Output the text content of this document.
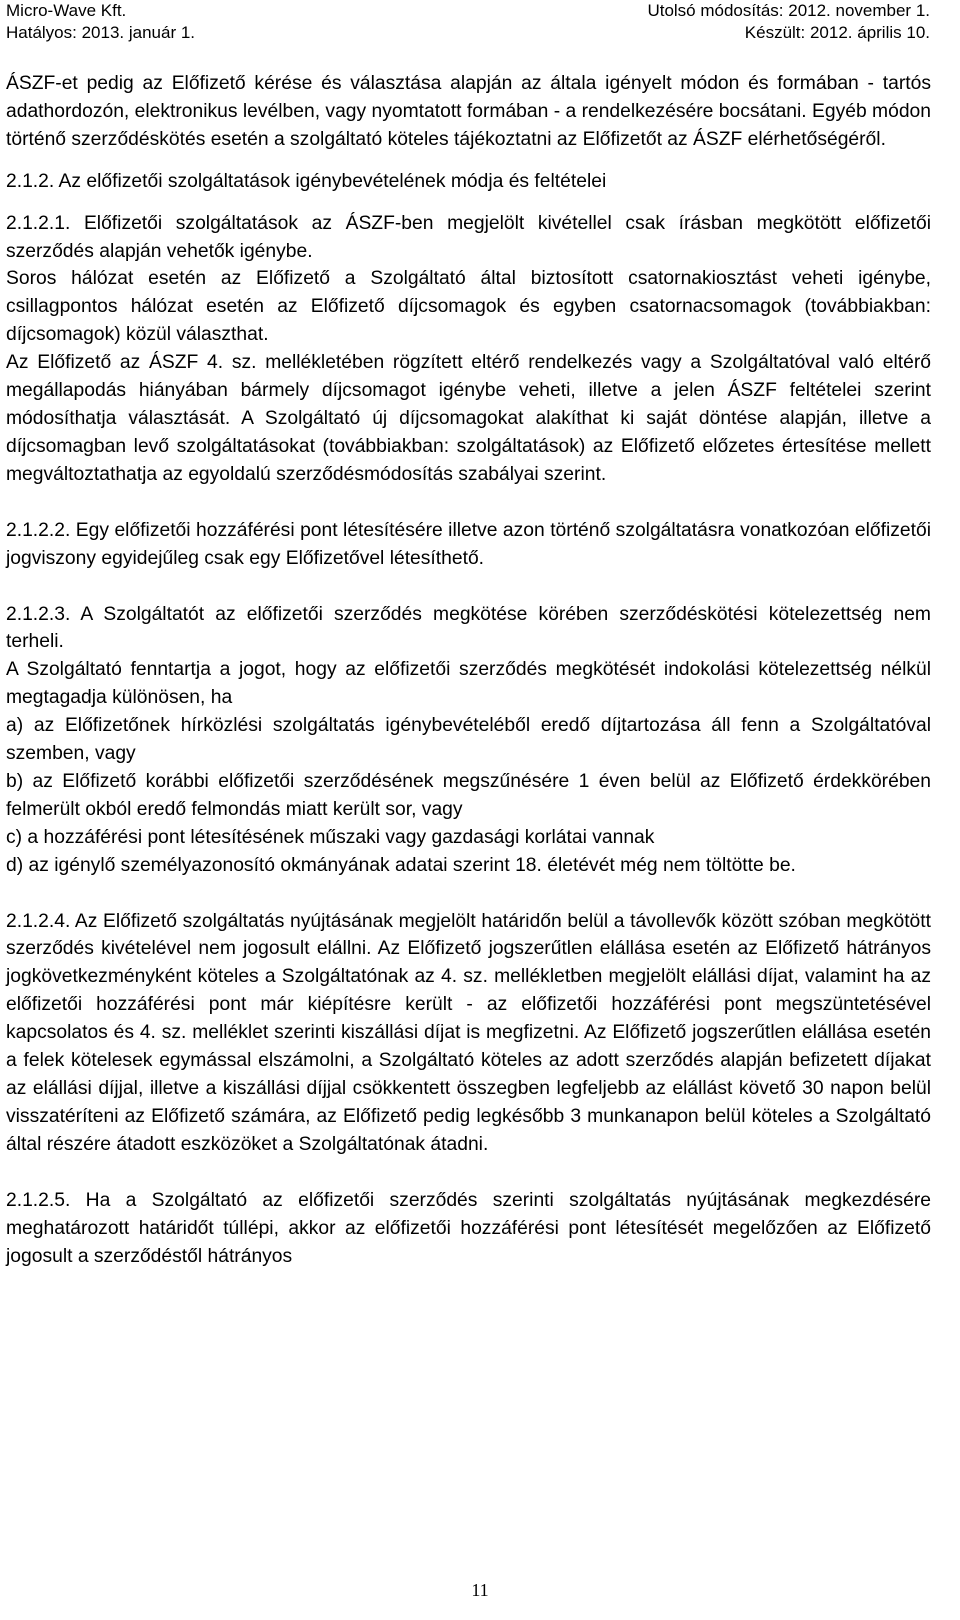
Micro-Wave Kft.	Utolsó módosítás: 2012. november 1.
Hatályos: 2013. január 1.	Készült: 2012. április 10.

ÁSZF-et pedig az Előfizető kérése és választása alapján az általa igényelt módon és formában - tartós adathordozón, elektronikus levélben, vagy nyomtatott formában - a rendelkezésére bocsátani. Egyéb módon történő szerződéskötés esetén a szolgáltató köteles tájékoztatni az Előfizetőt az ÁSZF elérhetőségéről.

2.1.2. Az előfizetői szolgáltatások igénybevételének módja és feltételei

2.1.2.1. Előfizetői szolgáltatások az ÁSZF-ben megjelölt kivétellel csak írásban megkötött előfizetői szerződés alapján vehetők igénybe.

Soros hálózat esetén az Előfizető a Szolgáltató által biztosított csatornakiosztást veheti igénybe, csillagpontos hálózat esetén az Előfizető díjcsomagok és egyben csatornacsomagok (továbbiakban: díjcsomagok) közül választhat.

Az Előfizető az ÁSZF 4. sz. mellékletében rögzített eltérő rendelkezés vagy a Szolgáltatóval való eltérő megállapodás hiányában bármely díjcsomagot igénybe veheti, illetve a jelen ÁSZF feltételei szerint módosíthatja választását. A Szolgáltató új díjcsomagokat alakíthat ki saját döntése alapján, illetve a díjcsomagban levő szolgáltatásokat (továbbiakban: szolgáltatások) az Előfizető előzetes értesítése mellett megváltoztathatja az egyoldalú szerződésmódosítás szabályai szerint.

2.1.2.2. Egy előfizetői hozzáférési pont létesítésére illetve azon történő szolgáltatásra vonatkozóan előfizetői jogviszony egyidejűleg csak egy Előfizetővel létesíthető.

2.1.2.3. A Szolgáltatót az előfizetői szerződés megkötése körében szerződéskötési kötelezettség nem terheli.

A Szolgáltató fenntartja a jogot, hogy az előfizetői szerződés megkötését indokolási kötelezettség nélkül megtagadja különösen, ha

a) az Előfizetőnek hírközlési szolgáltatás igénybevételéből eredő díjtartozása áll fenn a Szolgáltatóval szemben, vagy

b) az Előfizető korábbi előfizetői szerződésének megszűnésére 1 éven belül az Előfizető érdekkörében felmerült okból eredő felmondás miatt került sor, vagy

c) a hozzáférési pont létesítésének műszaki vagy gazdasági korlátai vannak

d) az igénylő személyazonosító okmányának adatai szerint 18. életévét még nem töltötte be.

2.1.2.4. Az Előfizető szolgáltatás nyújtásának megjelölt határidőn belül a távollevők között szóban megkötött szerződés kivételével nem jogosult elállni. Az Előfizető jogszerűtlen elállása esetén az Előfizető hátrányos jogkövetkezményként köteles a Szolgáltatónak az 4. sz. mellékletben megjelölt elállási díjat, valamint ha az előfizetői hozzáférési pont már kiépítésre került - az előfizetői hozzáférési pont megszüntetésével kapcsolatos és 4. sz. melléklet szerinti kiszállási díjat is megfizetni. Az Előfizető jogszerűtlen elállása esetén a felek kötelesek egymással elszámolni, a Szolgáltató köteles az adott szerződés alapján befizetett díjakat az elállási díjjal, illetve a kiszállási díjjal csökkentett összegben legfeljebb az elállást követő 30 napon belül visszatéríteni az Előfizető számára, az Előfizető pedig legkésőbb 3 munkanapon belül köteles a Szolgáltató által részére átadott eszközöket a Szolgáltatónak átadni.

2.1.2.5. Ha a Szolgáltató az előfizetői szerződés szerinti szolgáltatás nyújtásának megkezdésére meghatározott határidőt túllépi, akkor az előfizetői hozzáférési pont létesítését megelőzően az Előfizető jogosult a szerződéstől hátrányos

11
